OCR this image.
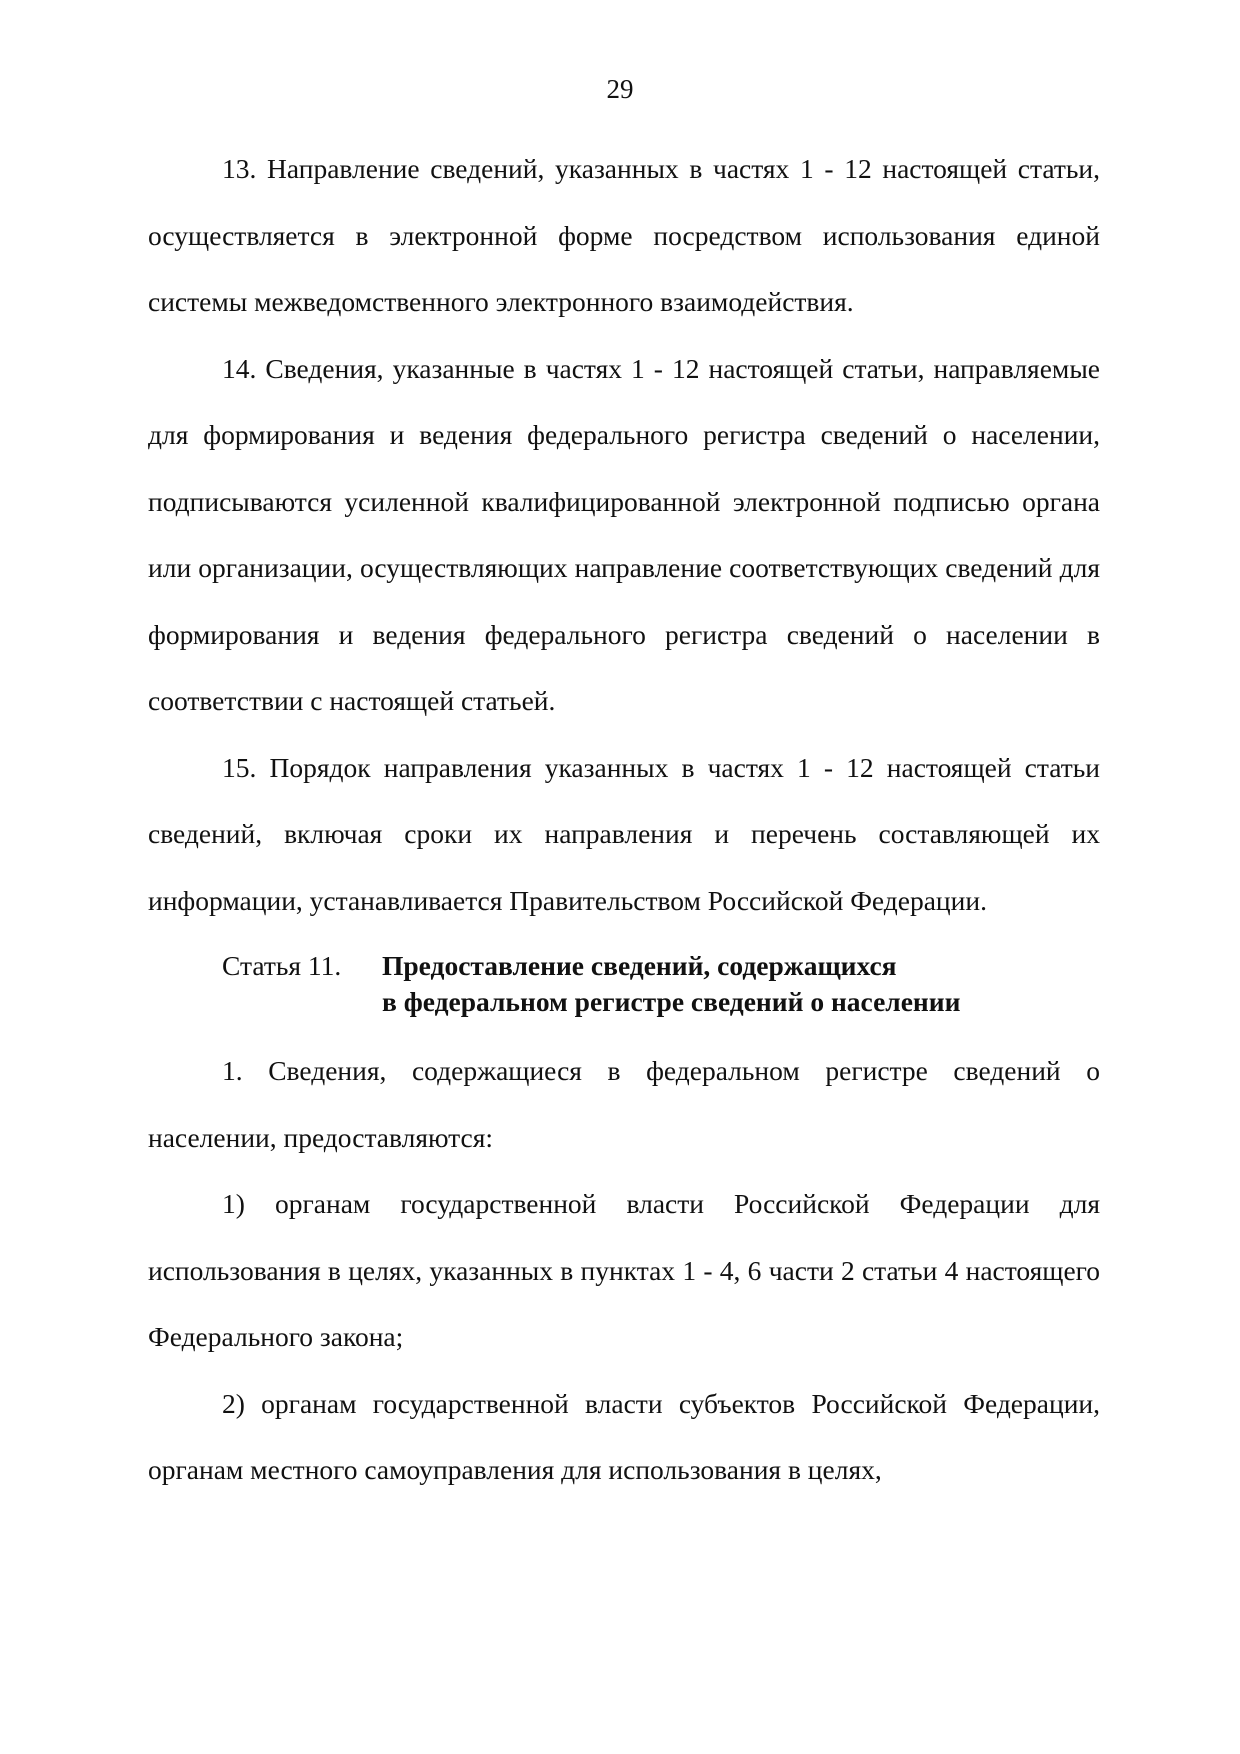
29

13. Направление сведений, указанных в частях 1 - 12 настоящей статьи, осуществляется в электронной форме посредством использования единой системы межведомственного электронного взаимодействия.

14. Сведения, указанные в частях 1 - 12 настоящей статьи, направляемые для формирования и ведения федерального регистра сведений о населении, подписываются усиленной квалифицированной электронной подписью органа или организации, осуществляющих направление соответствующих сведений для формирования и ведения федерального регистра сведений о населении в соответствии с настоящей статьей.

15. Порядок направления указанных в частях 1 - 12 настоящей статьи сведений, включая сроки их направления и перечень составляющей их информации, устанавливается Правительством Российской Федерации.

Статья 11.	Предоставление сведений, содержащихся
в федеральном регистре сведений о населении

1. Сведения, содержащиеся в федеральном регистре сведений о населении, предоставляются:

1) органам государственной власти Российской Федерации для использования в целях, указанных в пунктах 1 - 4, 6 части 2 статьи 4 настоящего Федерального закона;

2) органам государственной власти субъектов Российской Федерации, органам местного самоуправления для использования в целях,
